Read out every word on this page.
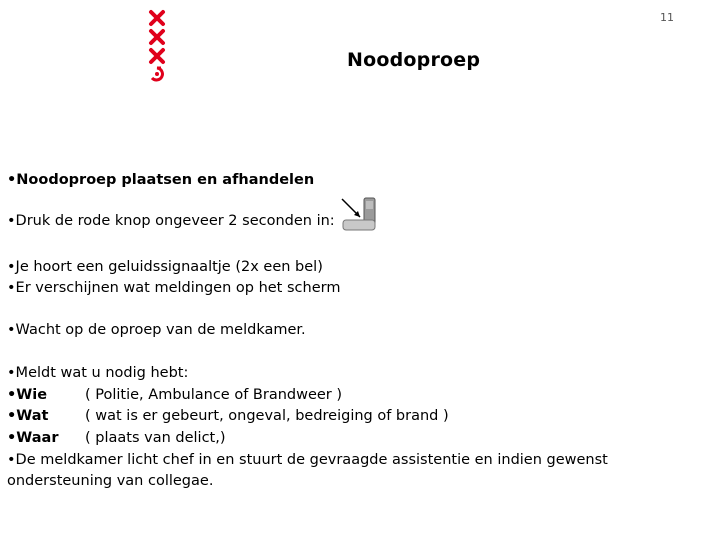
11
Noodoproep
•Noodoproep plaatsen en afhandelen
•Druk de rode knop ongeveer 2 seconden in:
•Je hoort een geluidssignaaltje (2x een bel)
•Er verschijnen wat meldingen op het scherm
•Wacht op de oproep van de meldkamer.
•Meldt wat u nodig hebt:
•Wie	( Politie, Ambulance of Brandweer )
•Wat	( wat is er gebeurt, ongeval, bedreiging of brand )
•Waar ( plaats van delict,)
•De meldkamer licht chef in en stuurt de gevraagde assistentie en indien gewenst
ondersteuning van collegae.
